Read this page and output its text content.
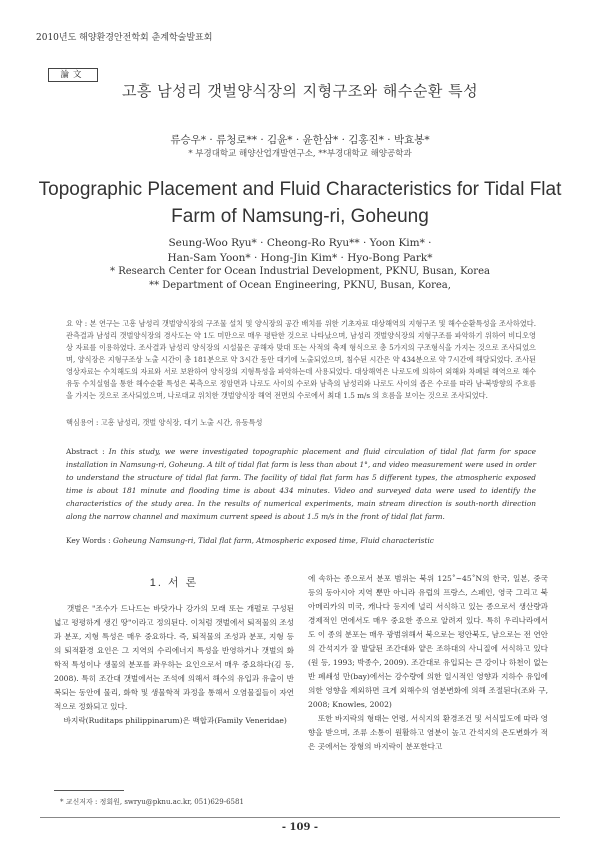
2010년도 해양환경안전학회 춘계학술발표회
論文
고흥 남성리 갯벌양식장의 지형구조와 해수순환 특성
류승우* · 류청로** · 김윤* · 윤한삼* · 김홍진* · 박효봉*
* 부경대학교 해양산업개발연구소, **부경대학교 해양공학과
Topographic Placement and Fluid Characteristics for Tidal Flat
Farm of Namsung-ri, Goheung
Seung-Woo Ryu* · Cheong-Ro Ryu** · Yoon Kim* ·
Han-Sam Yoon* · Hong-Jin Kim* · Hyo-Bong Park*
* Research Center for Ocean Industrial Development, PKNU, Busan, Korea
** Department of Ocean Engineering, PKNU, Busan, Korea,
요 약 : 본 연구는 고흥 남성리 갯벌양식장의 구조물 설치 및 양식장의 공간 배치를 위한 기초자료 대상해역의 지형구조 및 해수순환특성을 조사하였다. 관측결과 남성리 갯벌양식장의 경사도는 약 1도 미만으로 매우 평탄한 것으로 나타났으며, 남성리 갯벌양식장의 지형구조를 파악하기 위하여 비디오영상 자료를 이용하였다. 조사결과 남성리 양식장의 시설물은 공해자 맞대 또는 사적의 축제 형식으로 총 5가지의 구조형식을 가지는 것으로 조사되었으며, 양식장은 지형구조상 노출 시간이 총 181분으로 약 3시간 동안 대기에 노출되었으며, 침수된 시간은 약 434분으로 약 7시간에 해당되었다. 조사된 영상자료는 수치해도의 자료와 서로 보완하여 양식장의 지형특성을 파악하는데 사용되었다. 대상해역은 나로도에 의하여 외해와 차폐된 해역으로 해수유동 수치실험을 통한 해수순환 특성은 북측으로 정암면과 나로도 사이의 수로와 남측의 남성리와 나로도 사이의 좁은 수로를 따라 남-북방향의 주흐름을 가지는 것으로 조사되었으며, 나로대교 위치한 갯벌양식장 해역 전면의 수로에서 최대 1.5 m/s 의 흐름을 보이는 것으로 조사되었다.
핵심용어 : 고흥 남성리, 갯벌 양식장, 대기 노출 시간, 유동특성
Abstract : In this study, we were investigated topographic placement and fluid circulation of tidal flat farm for space installation in Namsung-ri, Goheung. A tilt of tidal flat farm is less than about 1°, and video measurement were used in order to understand the structure of tidal flat farm. The facility of tidal flat farm has 5 different types, the atmospheric exposed time is about 181 minute and flooding time is about 434 minutes. Video and surveyed data were used to identify the characteristics of the study area. In the results of numerical experiments, main stream direction is south-north direction along the narrow channel and maximum current speed is about 1.5 m/s in the front of tidal flat farm.
Key Words : Goheung Namsung-ri, Tidal flat farm, Atmospheric exposed time, Fluid characteristic
1. 서 론

갯벌은 "조수가 드나드는 바닷가나 강가의 모래 또는 개펄로 구성된 넓고 평평하게 생긴 땅"이라고 정의된다. 이처럼 갯벌에서 퇴적물의 조성과 분포, 지형 특성은 매우 중요하다. 즉, 퇴적물의 조성과 분포, 지형 등의 퇴적환경 요인은 그 지역의 수리에너지 특성을 반영하거나 갯벌의 화학적 특성이나 생물의 분포를 좌우하는 요인으로서 매우 중요하다(김 등, 2008). 특히 조간대 갯벌에서는 조석에 의해서 해수의 유입과 유출이 반복되는 동안에 물리, 화학 및 생물학적 과정을 통해서 오염물질들이 자연적으로 정화되고 있다.

바지락(Ruditaps philippinarum)은 백합과(Family Veneridae)

에 속하는 종으로서 분포 범위는 북위 125˚~45˚N의 한국, 일본, 중국 등의 동아시아 지역 뿐만 아니라 유럽의 프랑스, 스페인, 영국 그리고 북아메리카의 미국, 캐나다 등지에 널리 서식하고 있는 종으로서 생산량과 경제적인 면에서도 매우 중요한 종으로 알려져 있다. 특히 우리나라에서도 이 종의 분포는 매우 광범위해서 북으로는 평안북도, 남으로는 전 연안의 간석지가 잘 발달된 조간대와 얕은 조하대의 사니질에 서식하고 있다(원 등, 1993; 박종수, 2009). 조간대로 유입되는 큰 강이나 하천이 없는 반 폐쇄성 만(bay)에서는 강수량에 의한 일시적인 영향과 지하수 유입에 의한 영향을 제외하면 크게 외해수의 염분변화에 의해 조절된다(조와 구, 2008; Knowles, 2002)

또한 바지락의 형태는 연령, 서식지의 환경조건 및 서식밀도에 따라 영향을 받으며, 조류 소통이 원활하고 염분이 높고 간석지의 온도변화가 적은 곳에서는 장형의 바지락이 분포한다고

* 교신저자 : 정회원, swryu@pknu.ac.kr, 051)629-6581
- 109 -
